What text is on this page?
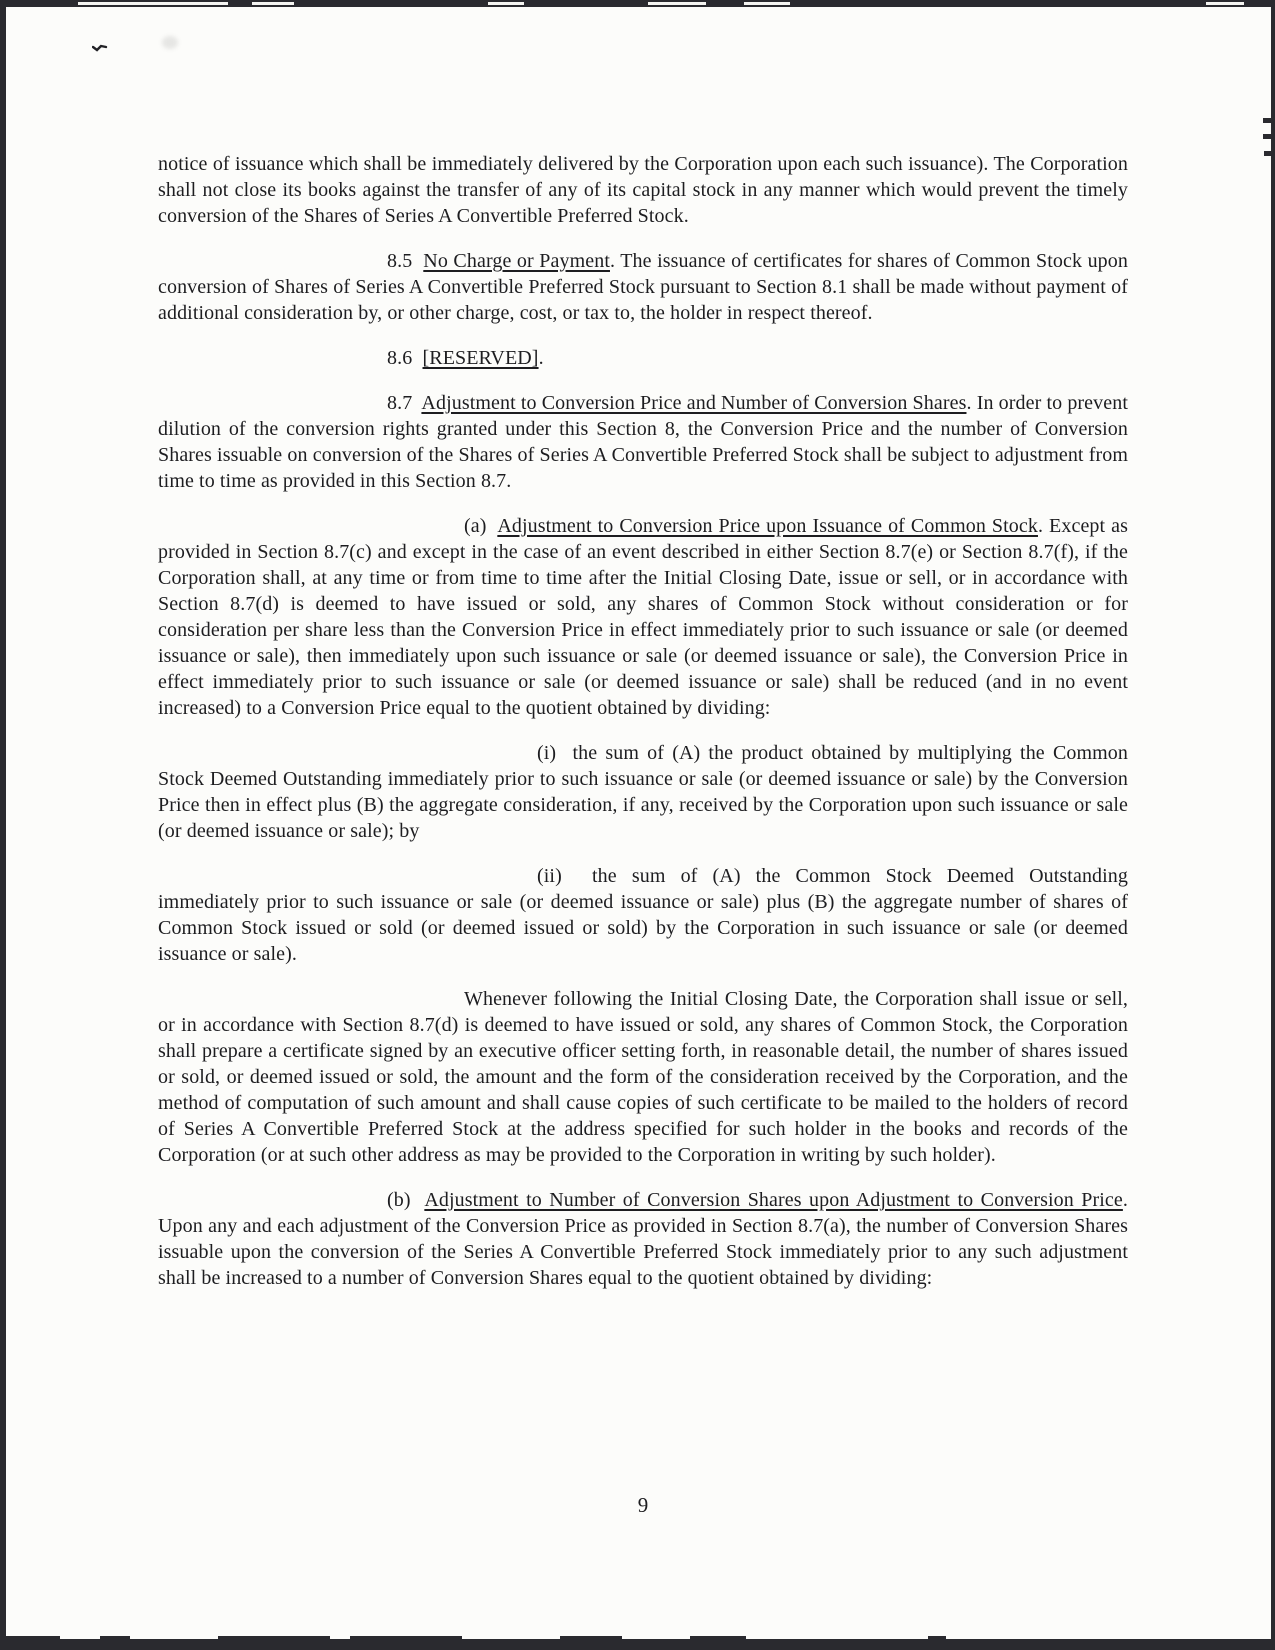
notice of issuance which shall be immediately delivered by the Corporation upon each such issuance). The Corporation shall not close its books against the transfer of any of its capital stock in any manner which would prevent the timely conversion of the Shares of Series A Convertible Preferred Stock.

8.5  No Charge or Payment. The issuance of certificates for shares of Common Stock upon conversion of Shares of Series A Convertible Preferred Stock pursuant to Section 8.1 shall be made without payment of additional consideration by, or other charge, cost, or tax to, the holder in respect thereof.

8.6  [RESERVED].

8.7  Adjustment to Conversion Price and Number of Conversion Shares. In order to prevent dilution of the conversion rights granted under this Section 8, the Conversion Price and the number of Conversion Shares issuable on conversion of the Shares of Series A Convertible Preferred Stock shall be subject to adjustment from time to time as provided in this Section 8.7.

(a)  Adjustment to Conversion Price upon Issuance of Common Stock. Except as provided in Section 8.7(c) and except in the case of an event described in either Section 8.7(e) or Section 8.7(f), if the Corporation shall, at any time or from time to time after the Initial Closing Date, issue or sell, or in accordance with Section 8.7(d) is deemed to have issued or sold, any shares of Common Stock without consideration or for consideration per share less than the Conversion Price in effect immediately prior to such issuance or sale (or deemed issuance or sale), then immediately upon such issuance or sale (or deemed issuance or sale), the Conversion Price in effect immediately prior to such issuance or sale (or deemed issuance or sale) shall be reduced (and in no event increased) to a Conversion Price equal to the quotient obtained by dividing:

(i)  the sum of (A) the product obtained by multiplying the Common Stock Deemed Outstanding immediately prior to such issuance or sale (or deemed issuance or sale) by the Conversion Price then in effect plus (B) the aggregate consideration, if any, received by the Corporation upon such issuance or sale (or deemed issuance or sale); by

(ii)  the sum of (A) the Common Stock Deemed Outstanding immediately prior to such issuance or sale (or deemed issuance or sale) plus (B) the aggregate number of shares of Common Stock issued or sold (or deemed issued or sold) by the Corporation in such issuance or sale (or deemed issuance or sale).

Whenever following the Initial Closing Date, the Corporation shall issue or sell, or in accordance with Section 8.7(d) is deemed to have issued or sold, any shares of Common Stock, the Corporation shall prepare a certificate signed by an executive officer setting forth, in reasonable detail, the number of shares issued or sold, or deemed issued or sold, the amount and the form of the consideration received by the Corporation, and the method of computation of such amount and shall cause copies of such certificate to be mailed to the holders of record of Series A Convertible Preferred Stock at the address specified for such holder in the books and records of the Corporation (or at such other address as may be provided to the Corporation in writing by such holder).

(b)  Adjustment to Number of Conversion Shares upon Adjustment to Conversion Price. Upon any and each adjustment of the Conversion Price as provided in Section 8.7(a), the number of Conversion Shares issuable upon the conversion of the Series A Convertible Preferred Stock immediately prior to any such adjustment shall be increased to a number of Conversion Shares equal to the quotient obtained by dividing:

9
